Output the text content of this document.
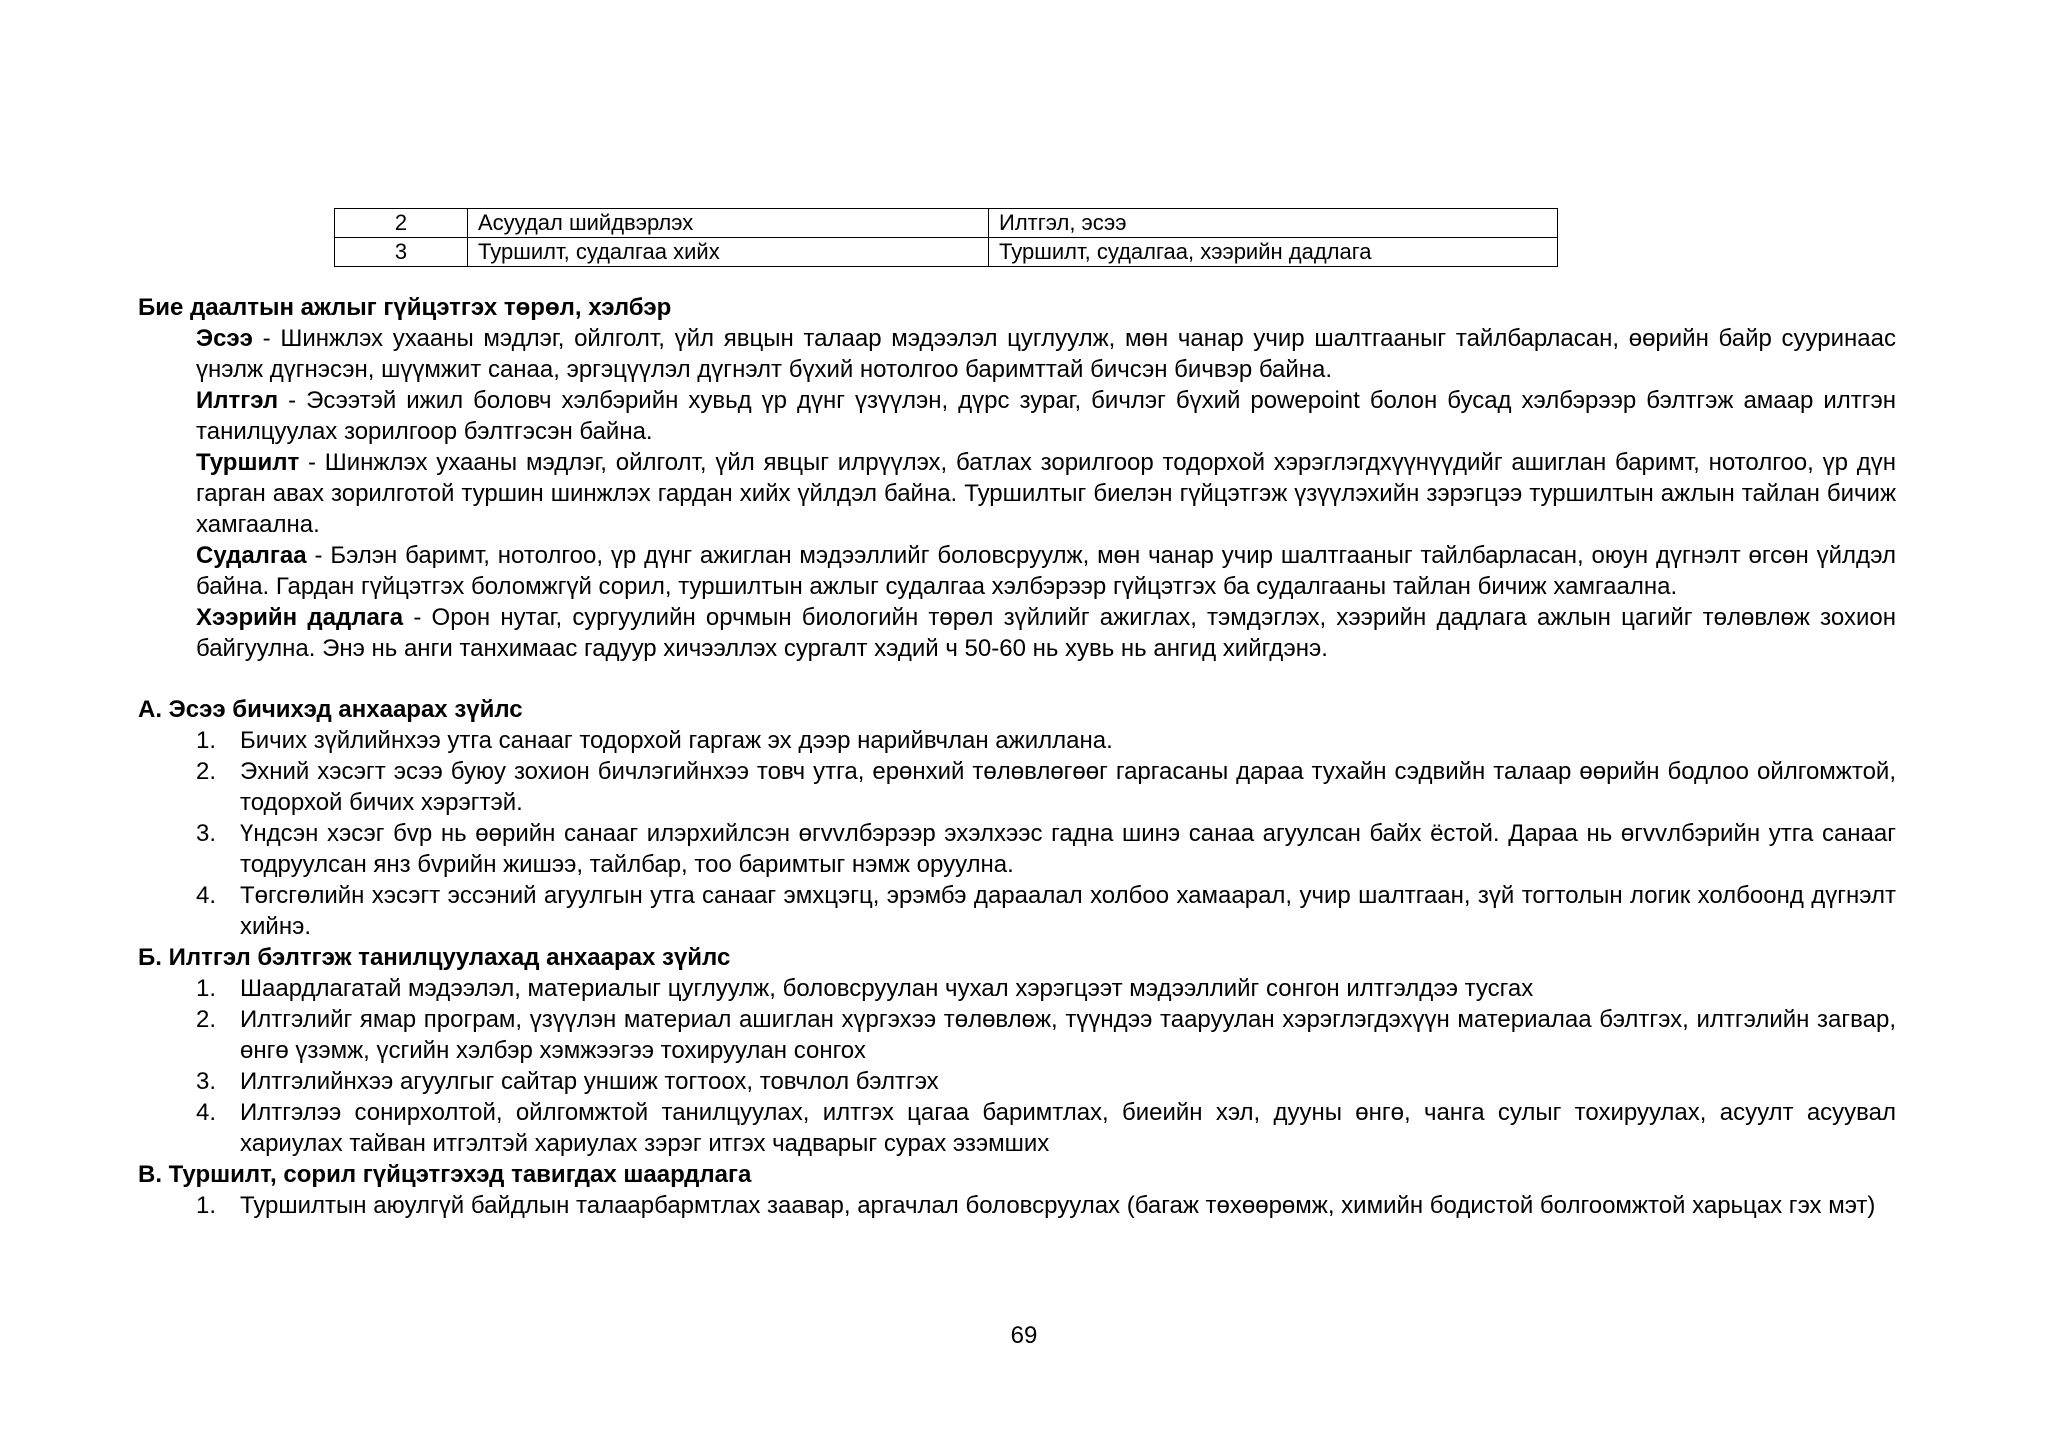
2	Асуудал шийдвэрлэх	Илтгэл, эсээ
3	Туршилт, судалгаа хийх	Туршилт, судалгаа, хээрийн дадлага

Бие даалтын ажлыг гүйцэтгэх төрөл, хэлбэр

Эсээ - Шинжлэх ухааны мэдлэг, ойлголт, үйл явцын талаар мэдээлэл цуглуулж, мөн чанар учир шалтгааныг тайлбарласан, өөрийн байр сууринаас үнэлж дүгнэсэн, шүүмжит санаа, эргэцүүлэл дүгнэлт бүхий нотолгоо баримттай бичсэн бичвэр байна.

Илтгэл - Эсээтэй ижил боловч хэлбэрийн хувьд үр дүнг үзүүлэн, дүрс зураг, бичлэг бүхий powepoint болон бусад хэлбэрээр бэлтгэж амаар илтгэн танилцуулах зорилгоор бэлтгэсэн байна.

Туршилт - Шинжлэх ухааны мэдлэг, ойлголт, үйл явцыг илрүүлэх, батлах зорилгоор тодорхой хэрэглэгдхүүнүүдийг ашиглан баримт, нотолгоо, үр дүн гарган авах зорилготой туршин шинжлэх гардан хийх үйлдэл байна. Туршилтыг биелэн гүйцэтгэж үзүүлэхийн зэрэгцээ туршилтын ажлын тайлан бичиж хамгаална.

Судалгаа - Бэлэн баримт, нотолгоо, үр дүнг ажиглан мэдээллийг боловсруулж, мөн чанар учир шалтгааныг тайлбарласан, оюун дүгнэлт өгсөн үйлдэл байна. Гардан гүйцэтгэх боломжгүй сорил, туршилтын ажлыг судалгаа хэлбэрээр гүйцэтгэх ба судалгааны тайлан бичиж хамгаална.

Хээрийн дадлага - Орон нутаг, сургуулийн орчмын биологийн төрөл зүйлийг ажиглах, тэмдэглэх, хээрийн дадлага ажлын цагийг төлөвлөж зохион байгуулна. Энэ нь анги танхимаас гадуур хичээллэх сургалт хэдий ч 50-60 нь хувь нь ангид хийгдэнэ.

А. Эсээ бичихэд анхаарах зүйлс

1. Бичих зүйлийнхээ утга санааг тодорхой гаргаж эх дээр нарийвчлан ажиллана.
2. Эхний хэсэгт эсээ буюу зохион бичлэгийнхээ товч утга, ерөнхий төлөвлөгөөг гаргасаны дараа тухайн сэдвийн талаар өөрийн бодлоо ойлгомжтой, тодорхой бичих хэрэгтэй.
3. Үндсэн хэсэг бvр нь өөрийн санааг илэрхийлсэн өгvvлбэрээр эхэлхээс гадна шинэ санаа агуулсан байх ёстой. Дараа нь өгvvлбэрийн утга санааг тодруулсан янз бvрийн жишээ, тайлбар, тоо баримтыг нэмж оруулна.
4. Төгсгөлийн хэсэгт эссэний агуулгын утга санааг эмхцэгц, эрэмбэ дараалал холбоо хамаарал, учир шалтгаан, зүй тогтолын логик холбоонд дүгнэлт хийнэ.

Б. Илтгэл бэлтгэж танилцуулахад анхаарах зүйлс

1. Шаардлагатай мэдээлэл, материалыг цуглуулж, боловсруулан чухал хэрэгцээт мэдээллийг сонгон илтгэлдээ тусгах
2. Илтгэлийг ямар програм, үзүүлэн материал ашиглан хүргэхээ төлөвлөж, түүндээ тааруулан хэрэглэгдэхүүн материалаа бэлтгэх, илтгэлийн загвар, өнгө үзэмж, үсгийн хэлбэр хэмжээгээ тохируулан сонгох
3. Илтгэлийнхээ агуулгыг сайтар уншиж тогтоох, товчлол бэлтгэх
4. Илтгэлээ сонирхолтой, ойлгомжтой танилцуулах, илтгэх цагаа баримтлах, биеийн хэл, дууны өнгө, чанга сулыг тохируулах, асуулт асуувал хариулах тайван итгэлтэй хариулах зэрэг итгэх чадварыг сурах эзэмших

В. Туршилт, сорил гүйцэтгэхэд тавигдах шаардлага

1. Туршилтын аюулгүй байдлын талаарбармтлах заавар, аргачлал боловсруулах (багаж төхөөрөмж, химийн бодистой болгоомжтой харьцах гэх мэт)
69
